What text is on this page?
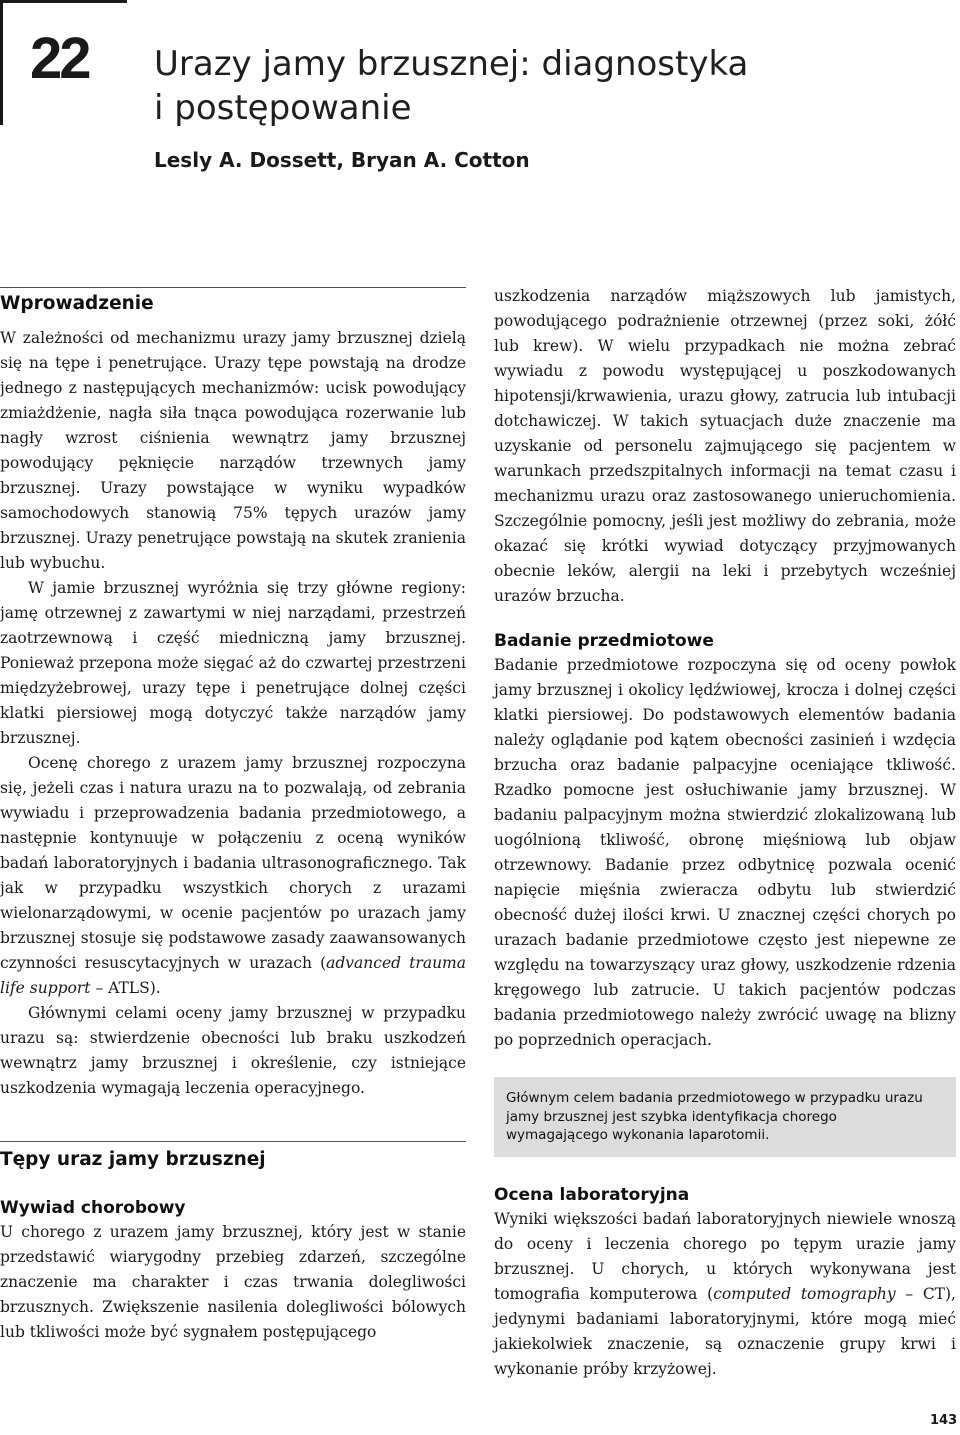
22 Urazy jamy brzusznej: diagnostyka
i postępowanie
Lesly A. Dossett, Bryan A. Cotton
Wprowadzenie

W zależności od mechanizmu urazy jamy brzusznej dzielą się na tępe i penetrujące. Urazy tępe powstają na drodze jednego z następujących mechanizmów: ucisk powodujący zmiażdżenie, nagła siła tnąca powodująca rozerwanie lub nagły wzrost ciśnienia wewnątrz jamy brzusznej powodujący pęknięcie narządów trzewnych jamy brzusznej. Urazy powstające w wyniku wypadków samochodowych stanowią 75% tępych urazów jamy brzusznej. Urazy penetrujące powstają na skutek zranienia lub wybuchu.

W jamie brzusznej wyróżnia się trzy główne regiony: jamę otrzewnej z zawartymi w niej narządami, przestrzeń zaotrzewnową i część miedniczną jamy brzusznej. Ponieważ przepona może sięgać aż do czwartej przestrzeni międzyżebrowej, urazy tępe i penetrujące dolnej części klatki piersiowej mogą dotyczyć także narządów jamy brzusznej.

Ocenę chorego z urazem jamy brzusznej rozpoczyna się, jeżeli czas i natura urazu na to pozwalają, od zebrania wywiadu i przeprowadzenia badania przedmiotowego, a następnie kontynuuje w połączeniu z oceną wyników badań laboratoryjnych i badania ultrasonograficznego. Tak jak w przypadku wszystkich chorych z urazami wielonarządowymi, w ocenie pacjentów po urazach jamy brzusznej stosuje się podstawowe zasady zaawansowanych czynności resuscytacyjnych w urazach (advanced trauma life support – ATLS).

Głównymi celami oceny jamy brzusznej w przypadku urazu są: stwierdzenie obecności lub braku uszkodzeń wewnątrz jamy brzusznej i określenie, czy istniejące uszkodzenia wymagają leczenia operacyjnego.

Tępy uraz jamy brzusznej
Wywiad chorobowy

U chorego z urazem jamy brzusznej, który jest w stanie przedstawić wiarygodny przebieg zdarzeń, szczególne znaczenie ma charakter i czas trwania dolegliwości brzusznych. Zwiększenie nasilenia dolegliwości bólowych lub tkliwości może być sygnałem postępującego

uszkodzenia narządów miąższowych lub jamistych, powodującego podrażnienie otrzewnej (przez soki, żółć lub krew). W wielu przypadkach nie można zebrać wywiadu z powodu występującej u poszkodowanych hipotensji/krwawienia, urazu głowy, zatrucia lub intubacji dotchawiczej. W takich sytuacjach duże znaczenie ma uzyskanie od personelu zajmującego się pacjentem w warunkach przedszpitalnych informacji na temat czasu i mechanizmu urazu oraz zastosowanego unieruchomienia. Szczególnie pomocny, jeśli jest możliwy do zebrania, może okazać się krótki wywiad dotyczący przyjmowanych obecnie leków, alergii na leki i przebytych wcześniej urazów brzucha.

Badanie przedmiotowe

Badanie przedmiotowe rozpoczyna się od oceny powłok jamy brzusznej i okolicy lędźwiowej, krocza i dolnej części klatki piersiowej. Do podstawowych elementów badania należy oglądanie pod kątem obecności zasinień i wzdęcia brzucha oraz badanie palpacyjne oceniające tkliwość. Rzadko pomocne jest osłuchiwanie jamy brzusznej. W badaniu palpacyjnym można stwierdzić zlokalizowaną lub uogólnioną tkliwość, obronę mięśniową lub objaw otrzewnowy. Badanie przez odbytnicę pozwala ocenić napięcie mięśnia zwieracza odbytu lub stwierdzić obecność dużej ilości krwi. U znacznej części chorych po urazach badanie przedmiotowe często jest niepewne ze względu na towarzyszący uraz głowy, uszkodzenie rdzenia kręgowego lub zatrucie. U takich pacjentów podczas badania przedmiotowego należy zwrócić uwagę na blizny po poprzednich operacjach.

Głównym celem badania przedmiotowego w przypadku urazu jamy brzusznej jest szybka identyfikacja chorego wymagającego wykonania laparotomii.
Ocena laboratoryjna

Wyniki większości badań laboratoryjnych niewiele wnoszą do oceny i leczenia chorego po tępym urazie jamy brzusznej. U chorych, u których wykonywana jest tomografia komputerowa (computed tomography – CT), jedynymi badaniami laboratoryjnymi, które mogą mieć jakiekolwiek znaczenie, są oznaczenie grupy krwi i wykonanie próby krzyżowej.

143
